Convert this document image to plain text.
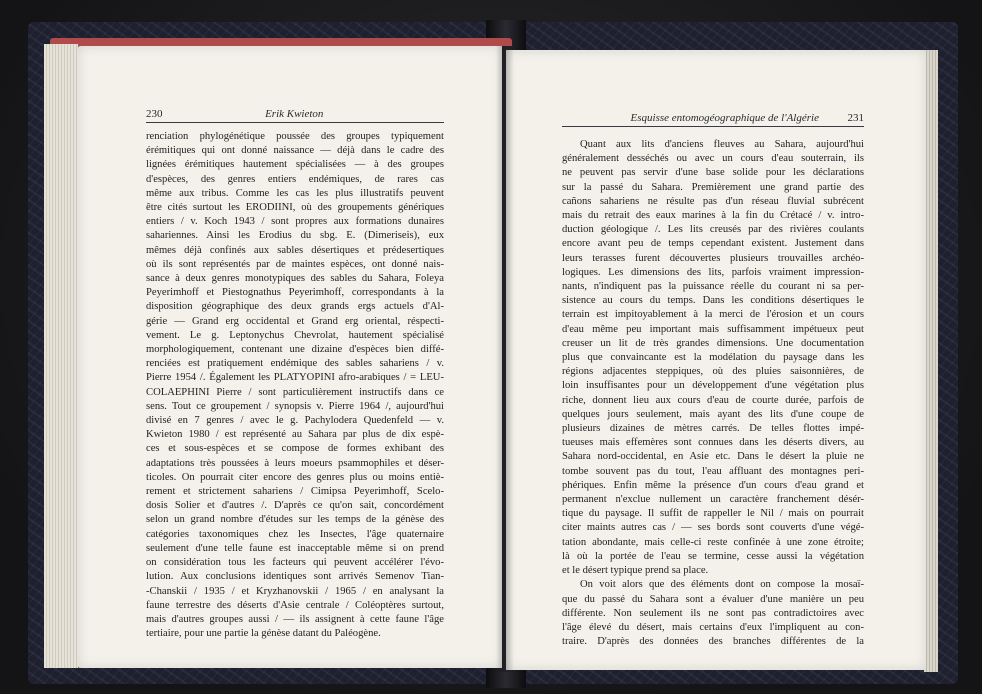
230	Erik Kwieton
renciation phylogénétique poussée des groupes typiquement
érémitiques qui ont donné naissance — déjà dans le cadre des
lignées érémitiques hautement spécialisées — à des groupes
d'espèces, des genres entiers endémiques, de rares cas
même aux tribus. Comme les cas les plus illustratifs peuvent
être cités surtout les ERODIINI, où des groupements génériques
entiers / v. Koch 1943 / sont propres aux formations dunaires
sahariennes. Ainsi les Erodius du sbg. E. (Dimeriseis), eux
mêmes déjà confinés aux sables désertiques et prédesertiques
où ils sont représentés par de maintes espèces, ont donné nais-
sance à deux genres monotypiques des sables du Sahara, Foleya
Peyerimhoff et Piestognathus Peyerimhoff, correspondants à la
disposition géographique des deux grands ergs actuels d'Al-
gérie — Grand erg occidental et Grand erg oriental, réspecti-
vement. Le g. Leptonychus Chevrolat, hautement spécialisé
morphologiquement, contenant une dizaine d'espèces bien diffé-
renciées est pratiquement endémique des sables sahariens / v.
Pierre 1954 /. Également les PLATYOPINI afro-arabiques / = LEU-
COLAEPHINI Pierre / sont particulièrement instructifs dans ce
sens. Tout ce groupement / synopsis v. Pierre 1964 /, aujourd'hui
divisé en 7 genres / avec le g. Pachylodera Quedenfeld — v.
Kwieton 1980 / est représenté au Sahara par plus de dix espè-
ces et sous-espèces et se compose de formes exhibant des
adaptations très poussées à leurs moeurs psammophiles et déser-
ticoles. On pourrait citer encore des genres plus ou moins entiè-
rement et strictement sahariens / Cimipsa Peyerimhoff, Scelo-
dosis Solier et d'autres /. D'après ce qu'on sait, concordément
selon un grand nombre d'études sur les temps de la génèse des
catégories taxonomiques chez les Insectes, l'âge quaternaire
seulement d'une telle faune est inacceptable même si on prend
on considération tous les facteurs qui peuvent accélérer l'évo-
lution. Aux conclusions identiques sont arrivés Semenov Tian-
-Chanskii / 1935 / et Kryzhanovskii / 1965 / en analysant la
faune terrestre des déserts d'Asie centrale / Coléoptères surtout,
mais d'autres groupes aussi / — ils assignent à cette faune l'âge
tertiaire, pour une partie la génèse datant du Paléogène.
Esquisse entomogéographique de l'Algérie	231
Quant aux lits d'anciens fleuves au Sahara, aujourd'hui
généralement desséchés ou avec un cours d'eau souterrain, ils
ne peuvent pas servir d'une base solide pour les déclarations
sur la passé du Sahara. Premièrement une grand partie des
cañons sahariens ne résulte pas d'un réseau fluvial subrécent
mais du retrait des eaux marines à la fin du Crétacé / v. intro-
duction géologique /. Les lits creusés par des rivières coulants
encore avant peu de temps cependant existent. Justement dans
leurs terasses furent découvertes plusieurs trouvailles archéo-
logiques. Les dimensions des lits, parfois vraiment impression-
nants, n'indiquent pas la puissance réelle du courant ni sa per-
sistence au cours du temps. Dans les conditions désertiques le
terrain est impitoyablement à la merci de l'érosion et un cours
d'eau même peu important mais suffisamment impétueux peut
creuser un lit de très grandes dimensions. Une documentation
plus que convaincante est la modélation du paysage dans les
régions adjacentes steppiques, où des pluies saisonnières, de
loin insuffisantes pour un développement d'une végétation plus
riche, donnent lieu aux cours d'eau de courte durée, parfois de
quelques jours seulement, mais ayant des lits d'une coupe de
plusieurs dizaines de mètres carrés. De telles flottes impé-
tueuses mais effemères sont connues dans les déserts divers, au
Sahara nord-occidental, en Asie etc. Dans le désert la pluie ne
tombe souvent pas du tout, l'eau affluant des montagnes peri-
phériques. Enfin même la présence d'un cours d'eau grand et
permanent n'exclue nullement un caractère franchement désér-
tique du paysage. Il suffit de rappeller le Nil / mais on pourrait
citer maints autres cas / — ses bords sont couverts d'une végé-
tation abondante, mais celle-ci reste confinée à une zone étroite;
là où la portée de l'eau se termine, cesse aussi la végétation
et le désert typique prend sa place.
On voit alors que des éléments dont on compose la mosaï-
que du passé du Sahara sont a évaluer d'une manière un peu
différente. Non seulement ils ne sont pas contradictoires avec
l'âge élevé du désert, mais certains d'eux l'impliquent au con-
traire. D'après des données des branches différentes de la
